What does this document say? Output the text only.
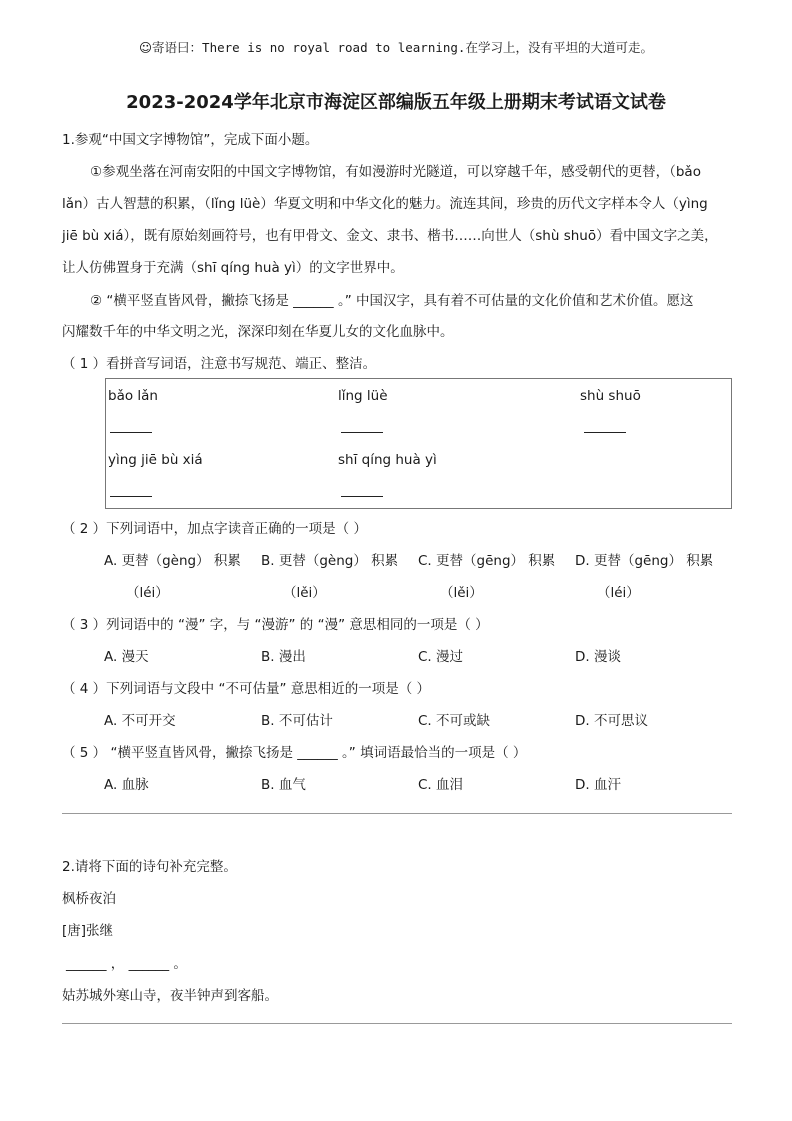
☺寄语曰：There is no royal road to learning.在学习上，没有平坦的大道可走。
2023-2024学年北京市海淀区部编版五年级上册期末考试语文试卷
1.参观“中国文字博物馆”，完成下面小题。
①参观坐落在河南安阳的中国文字博物馆，有如漫游时光隧道，可以穿越千年，感受朝代的更替，（bǎo
lǎn）古人智慧的积累，（lǐng lüè）华夏文明和中华文化的魅力。流连其间，珍贵的历代文字样本令人（yìng
jiē bù xiá），既有原始刻画符号，也有甲骨文、金文、隶书、楷书……向世人（shù shuō）看中国文字之美，
让人仿佛置身于充满（shī qíng huà yì）的文字世界中。
② “横平竖直皆风骨，撇捺飞扬是 ______ 。” 中国汉字，具有着不可估量的文化价值和艺术价值。愿这
闪耀数千年的中华文明之光，深深印刻在华夏儿女的文化血脉中。
（ 1 ）看拼音写词语，注意书写规范、端正、整洁。
bǎo lǎn	lǐng lüè	shù shuō
yìng jiē bù xiá	shī qíng huà yì
（ 2 ）下列词语中，加点字读音正确的一项是（ ）
A. 更替（gèng） 积累 B. 更替（gèng） 积累 C. 更替（gēng） 积累 D. 更替（gēng） 积累
（léi）	（lěi）	（lěi）	（léi）
（ 3 ）列词语中的 “漫” 字，与 “漫游” 的 “漫” 意思相同的一项是（ ）
A. 漫天	B. 漫出	C. 漫过	D. 漫谈
（ 4 ）下列词语与文段中 “不可估量” 意思相近的一项是（ ）
A. 不可开交	B. 不可估计	C. 不可或缺	D. 不可思议
（ 5 ） “横平竖直皆风骨，撇捺飞扬是 ______ 。” 填词语最恰当的一项是（ ）
A. 血脉	B. 血气	C. 血泪	D. 血汗
2.请将下面的诗句补充完整。
枫桥夜泊
[唐]张继
______ ， ______ 。
姑苏城外寒山寺，夜半钟声到客船。
